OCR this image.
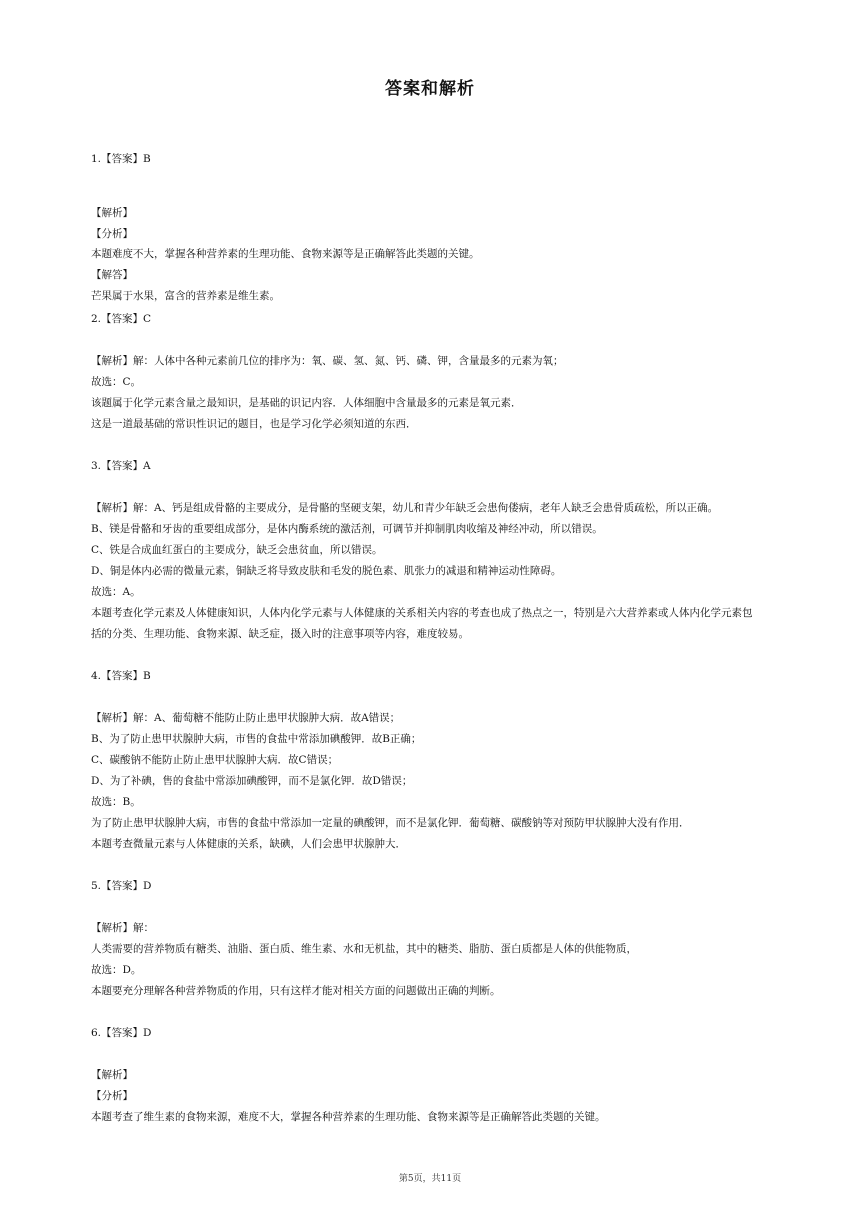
答案和解析
1.【答案】B
【解析】
【分析】
本题难度不大，掌握各种营养素的生理功能、食物来源等是正确解答此类题的关键。
【解答】
芒果属于水果，富含的营养素是维生素。
2.【答案】C
【解析】解：人体中各种元素前几位的排序为：氧、碳、氢、氮、钙、磷、钾，含量最多的元素为氧；
故选：C。
该题属于化学元素含量之最知识，是基础的识记内容．人体细胞中含量最多的元素是氧元素．
这是一道最基础的常识性识记的题目，也是学习化学必须知道的东西．
3.【答案】A
【解析】解：A、钙是组成骨骼的主要成分，是骨骼的坚硬支架，幼儿和青少年缺乏会患佝偻病，老年人缺乏会患骨质疏松，所以正确。
B、镁是骨骼和牙齿的重要组成部分，是体内酶系统的激活剂，可调节并抑制肌肉收缩及神经冲动，所以错误。
C、铁是合成血红蛋白的主要成分，缺乏会患贫血，所以错误。
D、铜是体内必需的微量元素，铜缺乏将导致皮肤和毛发的脱色素、肌张力的减退和精神运动性障碍。
故选：A。
本题考查化学元素及人体健康知识，人体内化学元素与人体健康的关系相关内容的考查也成了热点之一，特别是六大营养素或人体内化学元素包
括的分类、生理功能、食物来源、缺乏症，摄入时的注意事项等内容，难度较易。
4.【答案】B
【解析】解：A、葡萄糖不能防止防止患甲状腺肿大病．故A错误；
B、为了防止患甲状腺肿大病，市售的食盐中常添加碘酸钾．故B正确；
C、碳酸钠不能防止防止患甲状腺肿大病．故C错误；
D、为了补碘，售的食盐中常添加碘酸钾，而不是氯化钾．故D错误；
故选：B。
为了防止患甲状腺肿大病，市售的食盐中常添加一定量的碘酸钾，而不是氯化钾．葡萄糖、碳酸钠等对预防甲状腺肿大没有作用．
本题考查微量元素与人体健康的关系，缺碘，人们会患甲状腺肿大．
5.【答案】D
【解析】解：
人类需要的营养物质有糖类、油脂、蛋白质、维生素、水和无机盐，其中的糖类、脂肪、蛋白质都是人体的供能物质，
故选：D。
本题要充分理解各种营养物质的作用，只有这样才能对相关方面的问题做出正确的判断。
6.【答案】D
【解析】
【分析】
本题考查了维生素的食物来源，难度不大，掌握各种营养素的生理功能、食物来源等是正确解答此类题的关键。
第5页，共11页
